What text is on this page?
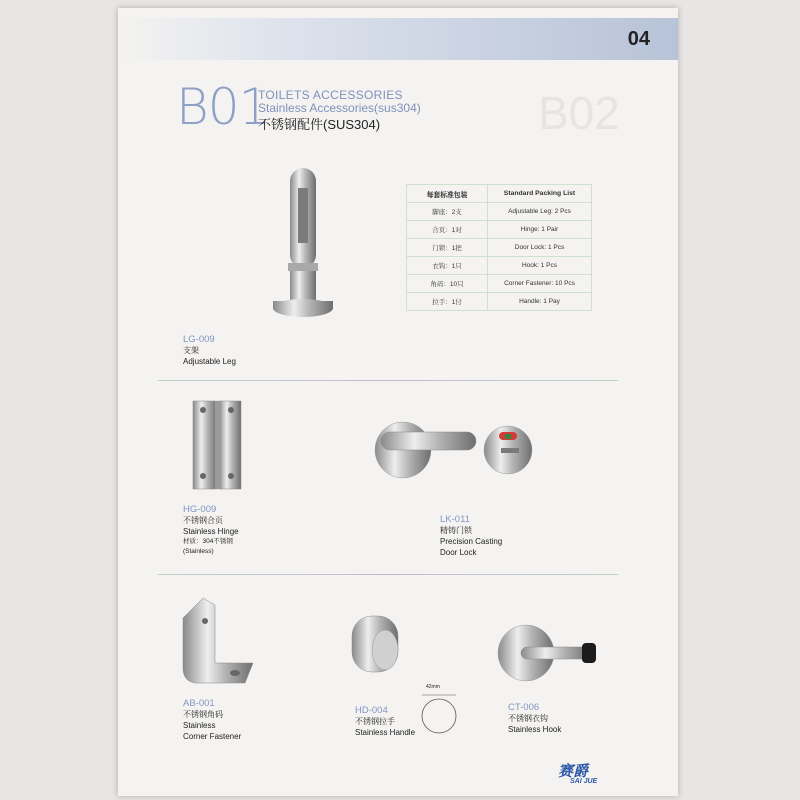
04
B02
B01
TOILETS ACCESSORIES
Stainless Accessories(sus304)
不锈钢配件(SUS304)
每套标准包装	Standard Packing List
脚座：2支	Adjustable Leg: 2 Pcs
合页：1对	Hinge: 1 Pair
门锁：1把	Door Lock: 1 Pcs
衣钩：1只	Hook: 1 Pcs
角码：10只	Corner Fastener: 10 Pcs
拉手：1付	Handle: 1 Pay
LG-009
支架
Adjustable Leg
HG-009
不锈钢合页
Stainless Hinge
材质：304不锈钢
(Stainless)
LK-011
精铸门锁
Precision Casting
Door Lock
42mm
AB-001
不锈钢角码
Stainless
Corner Fastener
HD-004
不锈钢拉手
Stainless Handle
CT-006
不锈钢衣钩
Stainless Hook
赛爵
SAI JUE
